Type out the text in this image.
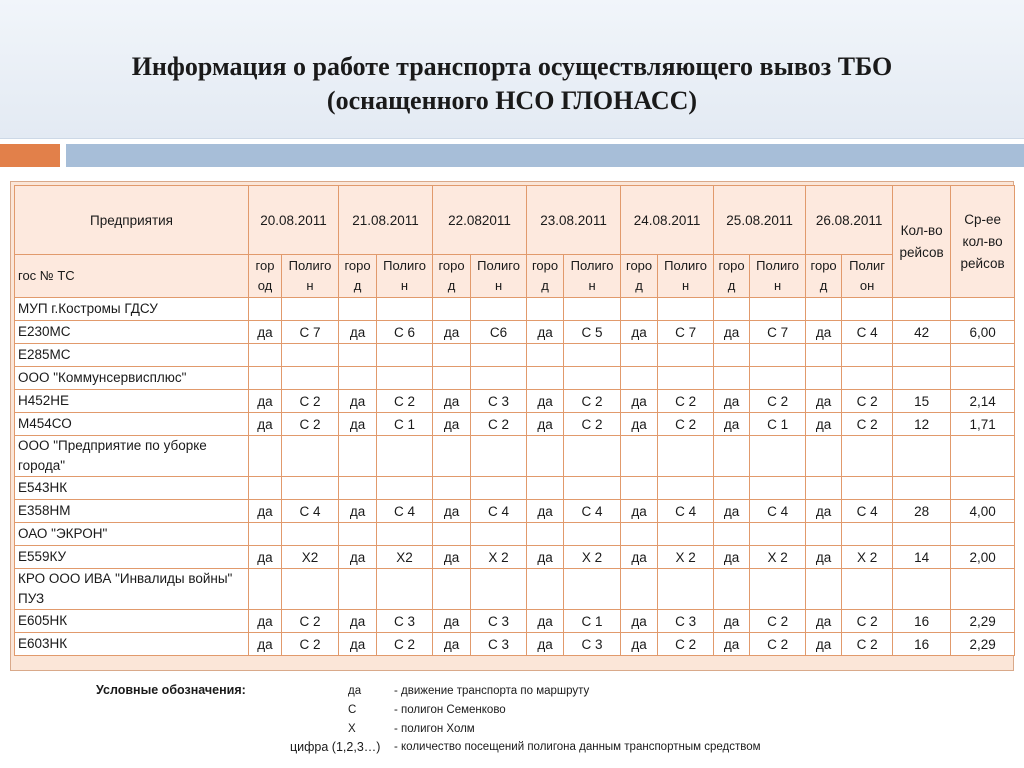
Информация о работе транспорта осуществляющего вывоз ТБО
(оснащенного НСО ГЛОНАСС)
Предприятия	20.08.2011		21.08.2011		22.082011		23.08.2011		24.08.2011		25.08.2011		26.08.2011		Кол-во рейсов	Ср-ее кол-во рейсов
гос № ТС	гор од	Полиго н	горо д	Полиго н	горо д	Полиго н	горо д	Полиго н	горо д	Полиго н	горо д	Полиго н	горо д	Полиг он		
МУП г.Костромы ГДСУ																
Е230МС	да	С 7	да	С 6	да	С6	да	С 5	да	С 7	да	С 7	да	С 4	42	6,00
Е285МС																
ООО "Коммунсервисплюс"																
Н452НЕ	да	С 2	да	С 2	да	С 3	да	С 2	да	С 2	да	С 2	да	С 2	15	2,14
М454СО	да	С 2	да	С 1	да	С 2	да	С 2	да	С 2	да	С 1	да	С 2	12	1,71
ООО "Предприятие по уборке города"																
Е543НК																
Е358НМ	да	С 4	да	С 4	да	С 4	да	С 4	да	С 4	да	С 4	да	С 4	28	4,00
ОАО "ЭКРОН"																
Е559КУ	да	Х2	да	Х2	да	Х 2	да	Х 2	да	Х 2	да	Х 2	да	Х 2	14	2,00
КРО ООО ИВА "Инвалиды войны" ПУЗ																
Е605НК	да	С 2	да	С 3	да	С 3	да	С 1	да	С 3	да	С 2	да	С 2	16	2,29
Е603НК	да	С 2	да	С 2	да	С 3	да	С 3	да	С 2	да	С 2	да	С 2	16	2,29
Условные обозначения:	да	- движение транспорта по маршруту
С	- полигон Семенково
Х	- полигон Холм
цифра (1,2,3…) - количество посещений полигона данным транспортным средством
